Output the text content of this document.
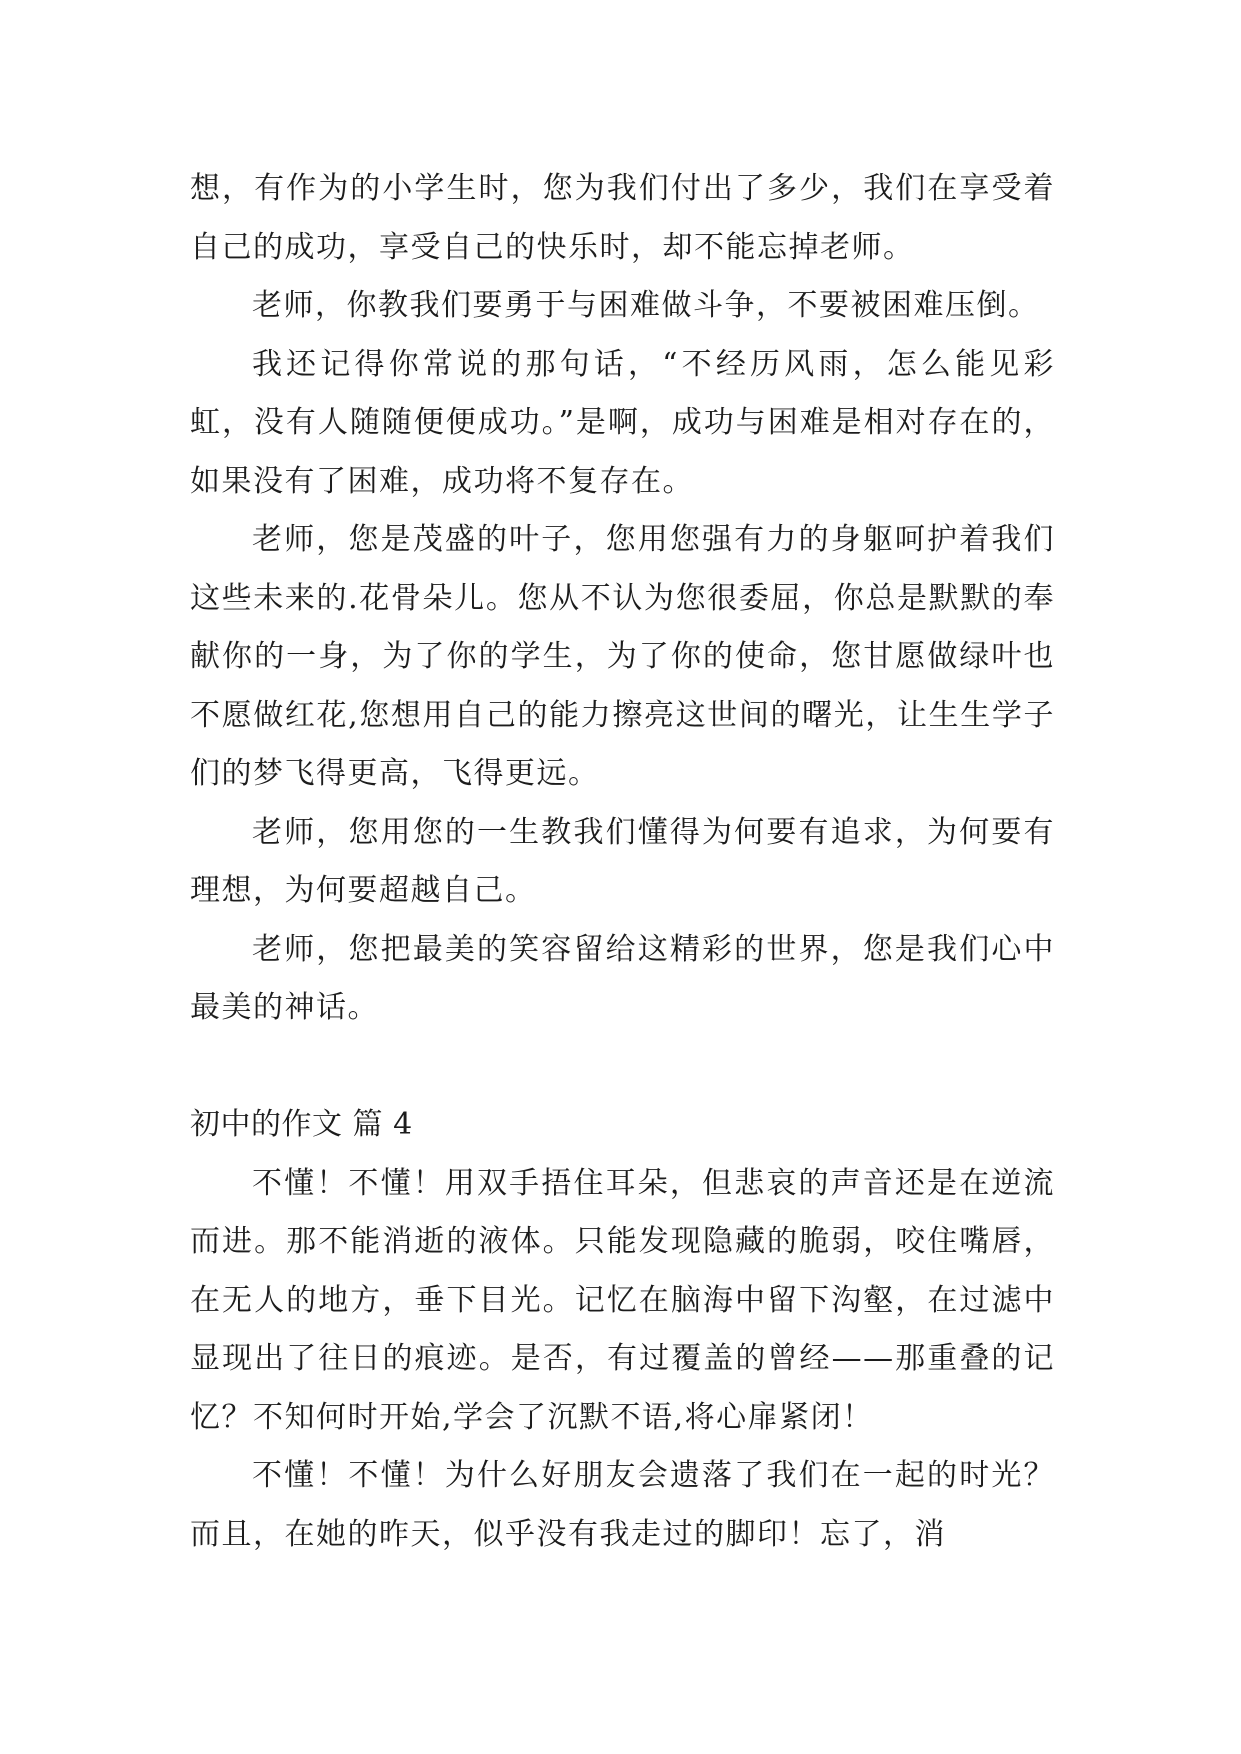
想，有作为的小学生时，您为我们付出了多少，我们在享受着自己的成功，享受自己的快乐时，却不能忘掉老师。

老师，你教我们要勇于与困难做斗争，不要被困难压倒。

我还记得你常说的那句话，“不经历风雨，怎么能见彩虹，没有人随随便便成功。”是啊，成功与困难是相对存在的，如果没有了困难，成功将不复存在。

老师，您是茂盛的叶子，您用您强有力的身躯呵护着我们这些未来的.花骨朵儿。您从不认为您很委屈，你总是默默的奉献你的一身，为了你的学生，为了你的使命，您甘愿做绿叶也不愿做红花,您想用自己的能力擦亮这世间的曙光，让生生学子们的梦飞得更高，飞得更远。

老师，您用您的一生教我们懂得为何要有追求，为何要有理想，为何要超越自己。

老师，您把最美的笑容留给这精彩的世界，您是我们心中最美的神话。

初中的作文 篇 4

不懂！不懂！用双手捂住耳朵，但悲哀的声音还是在逆流而进。那不能消逝的液体。只能发现隐藏的脆弱，咬住嘴唇，在无人的地方，垂下目光。记忆在脑海中留下沟壑，在过滤中显现出了往日的痕迹。是否，有过覆盖的曾经——那重叠的记忆？不知何时开始,学会了沉默不语,将心扉紧闭！

不懂！不懂！为什么好朋友会遗落了我们在一起的时光？而且，在她的昨天，似乎没有我走过的脚印！忘了，消
